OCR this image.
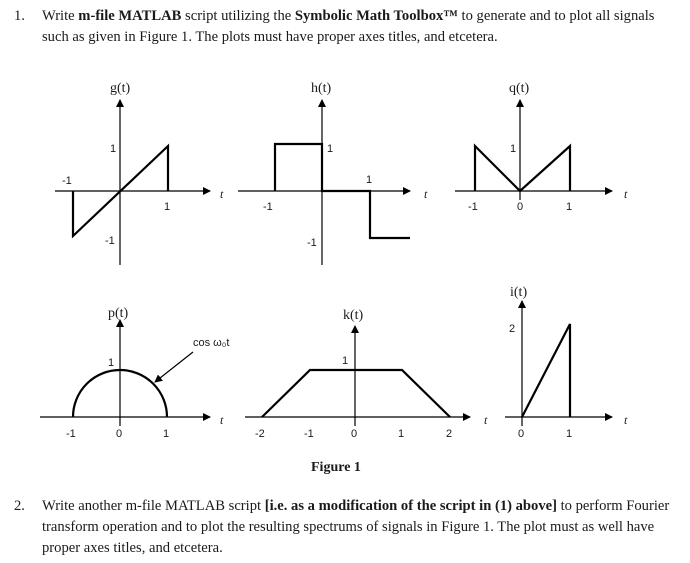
1. Write m-file MATLAB script utilizing the Symbolic Math Toolbox™ to generate and to plot all signals such as given in Figure 1. The plots must have proper axes titles, and etcetera.
g(t)
-1
1
1
-1
t
h(t)
1
1
-1
-1
t
q(t)
1
-1	0	1
t
p(t)
cos ω₀t
1
-1	0	1
t
k(t)
1
-2	-1	0	1	2
t
i(t)
2
0	1
t
Figure 1
2. Write another m-file MATLAB script [i.e. as a modification of the script in (1) above] to perform Fourier transform operation and to plot the resulting spectrums of signals in Figure 1. The plot must as well have proper axes titles, and etcetera.
